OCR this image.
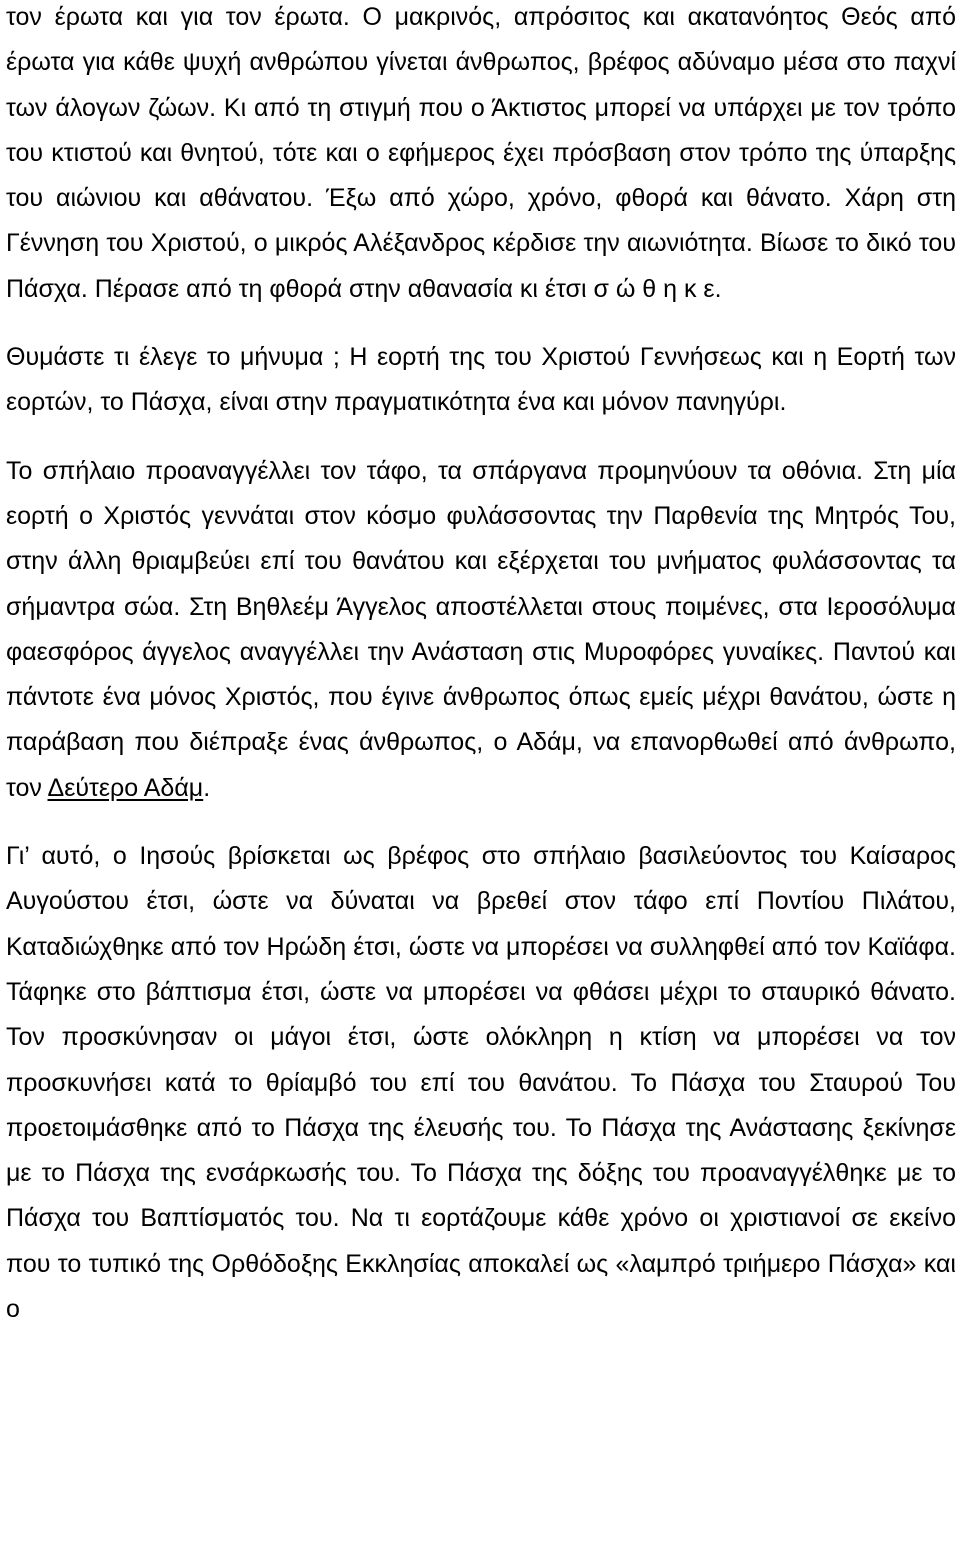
τον έρωτα και για τον έρωτα. Ο μακρινός, απρόσιτος και ακατανόητος Θεός από έρωτα για κάθε ψυχή ανθρώπου γίνεται άνθρωπος, βρέφος αδύναμο μέσα στο παχνί των άλογων ζώων. Κι από τη στιγμή που ο Άκτιστος μπορεί να υπάρχει με τον τρόπο του κτιστού και θνητού, τότε και ο εφήμερος έχει πρόσβαση στον τρόπο της ύπαρξης του αιώνιου και αθάνατου. Έξω από χώρο, χρόνο, φθορά και θάνατο. Χάρη στη Γέννηση του Χριστού, ο μικρός Αλέξανδρος κέρδισε την αιωνιότητα. Βίωσε το δικό του Πάσχα. Πέρασε από τη φθορά στην αθανασία κι έτσι σ ώ θ η κ ε.

Θυμάστε τι έλεγε το μήνυμα ; Η εορτή της του Χριστού Γεννήσεως και η Εορτή των εορτών, το Πάσχα, είναι στην πραγματικότητα ένα και μόνον πανηγύρι.

Το σπήλαιο προαναγγέλλει τον τάφο, τα σπάργανα προμηνύουν τα οθόνια. Στη μία εορτή ο Χριστός γεννάται στον κόσμο φυλάσσοντας την Παρθενία της Μητρός Του, στην άλλη θριαμβεύει επί του θανάτου και εξέρχεται του μνήματος φυλάσσοντας τα σήμαντρα σώα. Στη Βηθλεέμ Άγγελος αποστέλλεται στους ποιμένες, στα Ιεροσόλυμα φαεσφόρος άγγελος αναγγέλλει την Ανάσταση στις Μυροφόρες γυναίκες. Παντού και πάντοτε ένα μόνος Χριστός, που έγινε άνθρωπος όπως εμείς μέχρι θανάτου, ώστε η παράβαση που διέπραξε ένας άνθρωπος, ο Αδάμ, να επανορθωθεί από άνθρωπο, τον Δεύτερο Αδάμ.

Γι’ αυτό, ο Ιησούς βρίσκεται ως βρέφος στο σπήλαιο βασιλεύοντος του Καίσαρος Αυγούστου έτσι, ώστε να δύναται να βρεθεί στον τάφο επί Ποντίου Πιλάτου, Καταδιώχθηκε από τον Ηρώδη έτσι, ώστε να μπορέσει να συλληφθεί από τον Καϊάφα. Τάφηκε στο βάπτισμα έτσι, ώστε να μπορέσει να φθάσει μέχρι το σταυρικό θάνατο. Τον προσκύνησαν οι μάγοι έτσι, ώστε ολόκληρη η κτίση να μπορέσει να τον προσκυνήσει κατά το θρίαμβό του επί του θανάτου. Το Πάσχα του Σταυρού Του προετοιμάσθηκε από το Πάσχα της έλευσής του. Το Πάσχα της Ανάστασης ξεκίνησε με το Πάσχα της ενσάρκωσής του. Το Πάσχα της δόξης του προαναγγέλθηκε με το Πάσχα του Βαπτίσματός του. Να τι εορτάζουμε κάθε χρόνο οι χριστιανοί σε εκείνο που το τυπικό της Ορθόδοξης Εκκλησίας αποκαλεί ως «λαμπρό τριήμερο Πάσχα» και ο
